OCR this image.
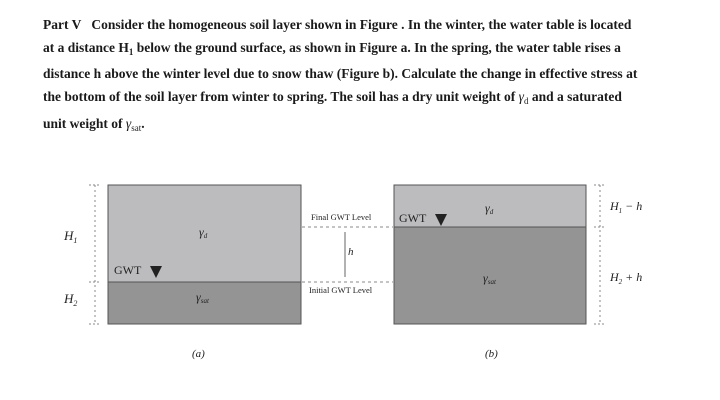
Part V Consider the homogeneous soil layer shown in Figure . In the winter, the water table is located
at a distance $H_1$ below the ground surface, as shown in Figure a. In the spring, the water table rises a
distance h above the winter level due to snow thaw (Figure b). Calculate the change in effective stress at
the bottom of the soil layer from winter to spring. The soil has a dry unit weight of $\gamma_d$ and a saturated
unit weight of $\gamma_{sat}$.
$H_1$
$H_2$
γd
γsat
GWT
(a)
Final GWT Level
Initial GWT Level
h
GWT
γd
γsat
$H_1 - h$
$H_2 + h$
(b)
